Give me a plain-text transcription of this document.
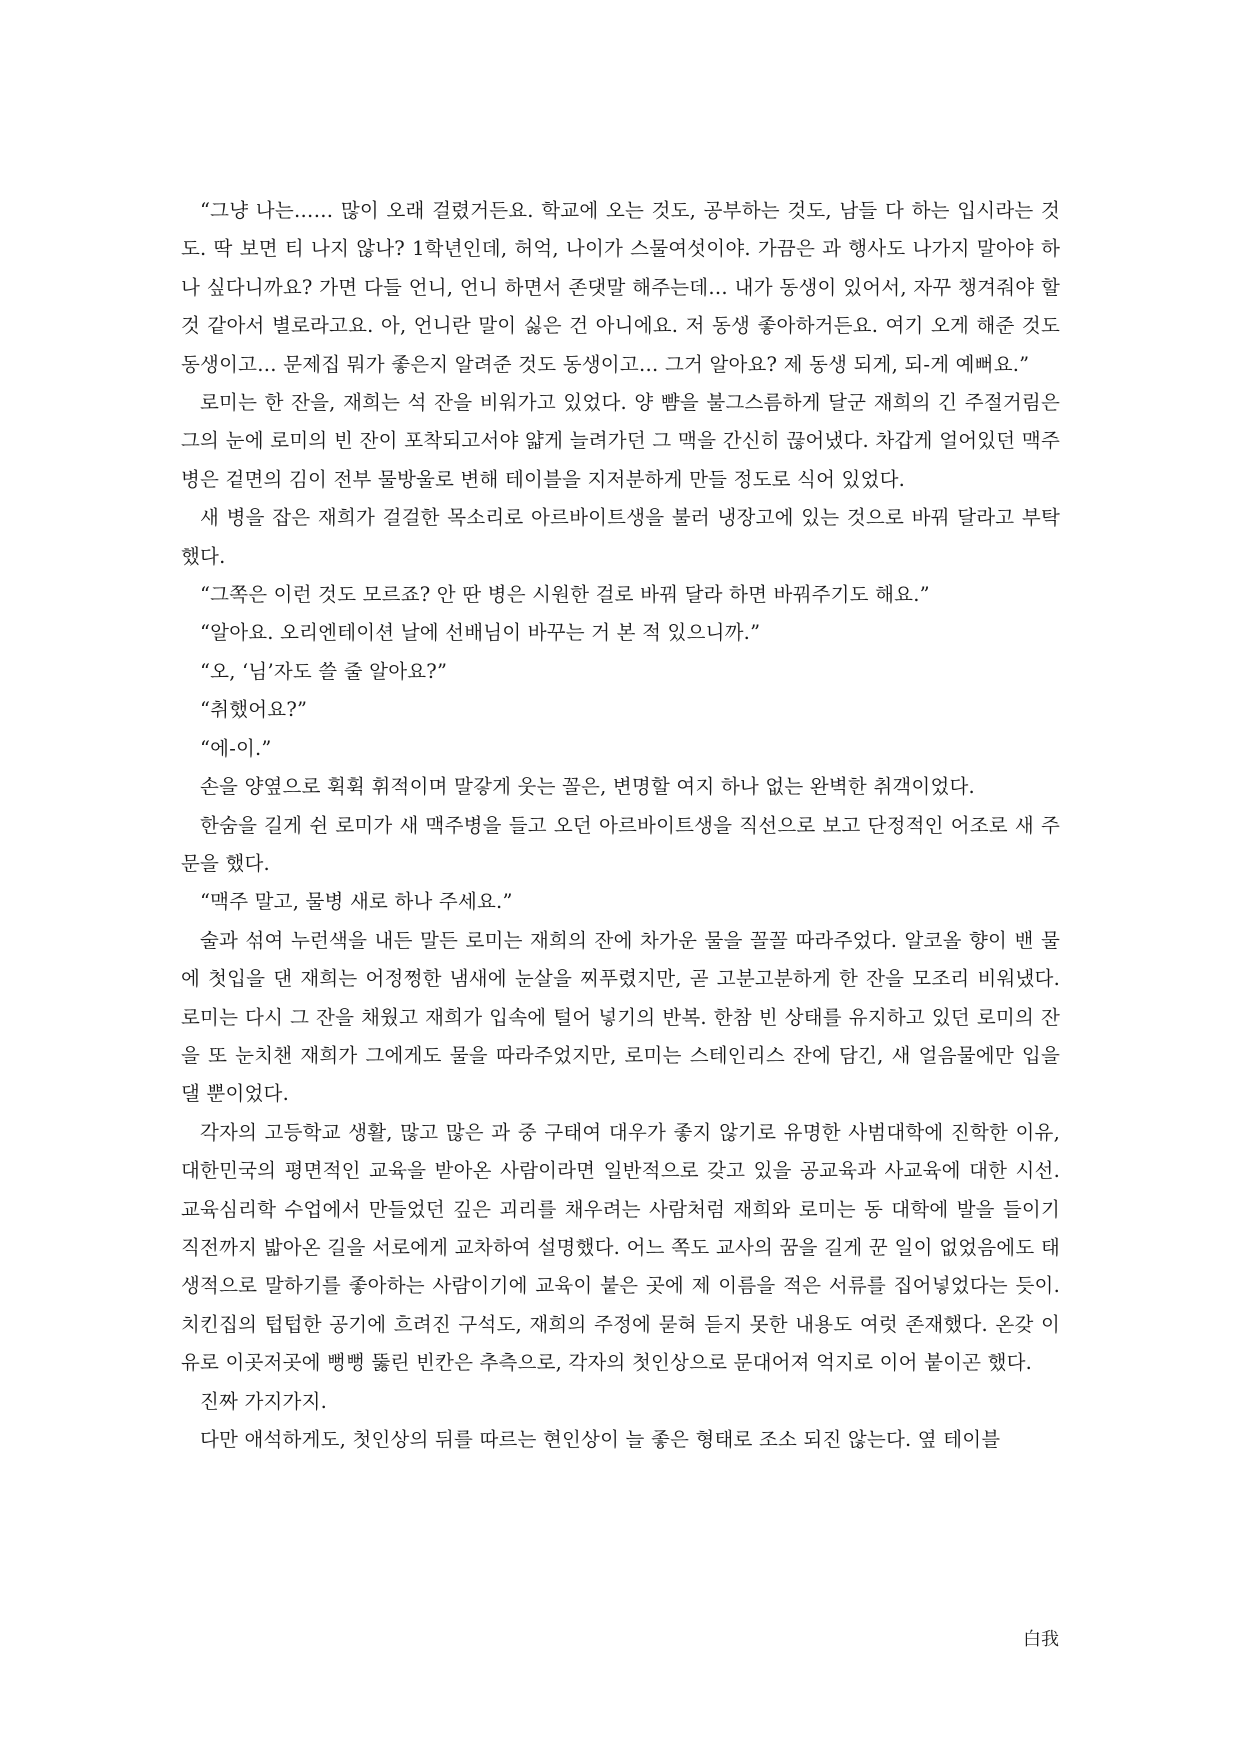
“그냥 나는…… 많이 오래 걸렸거든요. 학교에 오는 것도, 공부하는 것도, 남들 다 하는 입시라는 것도. 딱 보면 티 나지 않나? 1학년인데, 허억, 나이가 스물여섯이야. 가끔은 과 행사도 나가지 말아야 하나 싶다니까요? 가면 다들 언니, 언니 하면서 존댓말 해주는데… 내가 동생이 있어서, 자꾸 챙겨줘야 할 것 같아서 별로라고요. 아, 언니란 말이 싫은 건 아니에요. 저 동생 좋아하거든요. 여기 오게 해준 것도 동생이고… 문제집 뭐가 좋은지 알려준 것도 동생이고… 그거 알아요? 제 동생 되게, 되-게 예뻐요.”

로미는 한 잔을, 재희는 석 잔을 비워가고 있었다. 양 뺨을 불그스름하게 달군 재희의 긴 주절거림은 그의 눈에 로미의 빈 잔이 포착되고서야 얇게 늘려가던 그 맥을 간신히 끊어냈다. 차갑게 얼어있던 맥주병은 겉면의 김이 전부 물방울로 변해 테이블을 지저분하게 만들 정도로 식어 있었다.

새 병을 잡은 재희가 걸걸한 목소리로 아르바이트생을 불러 냉장고에 있는 것으로 바꿔 달라고 부탁했다.

“그쪽은 이런 것도 모르죠? 안 딴 병은 시원한 걸로 바꿔 달라 하면 바꿔주기도 해요.”

“알아요. 오리엔테이션 날에 선배님이 바꾸는 거 본 적 있으니까.”

“오, ‘님’자도 쓸 줄 알아요?”

“취했어요?”

“에-이.”

손을 양옆으로 휙휙 휘적이며 말갛게 웃는 꼴은, 변명할 여지 하나 없는 완벽한 취객이었다.

한숨을 길게 쉰 로미가 새 맥주병을 들고 오던 아르바이트생을 직선으로 보고 단정적인 어조로 새 주문을 했다.

“맥주 말고, 물병 새로 하나 주세요.”

술과 섞여 누런색을 내든 말든 로미는 재희의 잔에 차가운 물을 꼴꼴 따라주었다. 알코올 향이 밴 물에 첫입을 댄 재희는 어정쩡한 냄새에 눈살을 찌푸렸지만, 곧 고분고분하게 한 잔을 모조리 비워냈다. 로미는 다시 그 잔을 채웠고 재희가 입속에 털어 넣기의 반복. 한참 빈 상태를 유지하고 있던 로미의 잔을 또 눈치챈 재희가 그에게도 물을 따라주었지만, 로미는 스테인리스 잔에 담긴, 새 얼음물에만 입을 댈 뿐이었다.

각자의 고등학교 생활, 많고 많은 과 중 구태여 대우가 좋지 않기로 유명한 사범대학에 진학한 이유, 대한민국의 평면적인 교육을 받아온 사람이라면 일반적으로 갖고 있을 공교육과 사교육에 대한 시선. 교육심리학 수업에서 만들었던 깊은 괴리를 채우려는 사람처럼 재희와 로미는 동 대학에 발을 들이기 직전까지 밟아온 길을 서로에게 교차하여 설명했다. 어느 쪽도 교사의 꿈을 길게 꾼 일이 없었음에도 태생적으로 말하기를 좋아하는 사람이기에 교육이 붙은 곳에 제 이름을 적은 서류를 집어넣었다는 듯이. 치킨집의 텁텁한 공기에 흐려진 구석도, 재희의 주정에 묻혀 듣지 못한 내용도 여럿 존재했다. 온갖 이유로 이곳저곳에 뻥뻥 뚫린 빈칸은 추측으로, 각자의 첫인상으로 문대어져 억지로 이어 붙이곤 했다.

진짜 가지가지.

다만 애석하게도, 첫인상의 뒤를 따르는 현인상이 늘 좋은 형태로 조소 되진 않는다. 옆 테이블

白我
